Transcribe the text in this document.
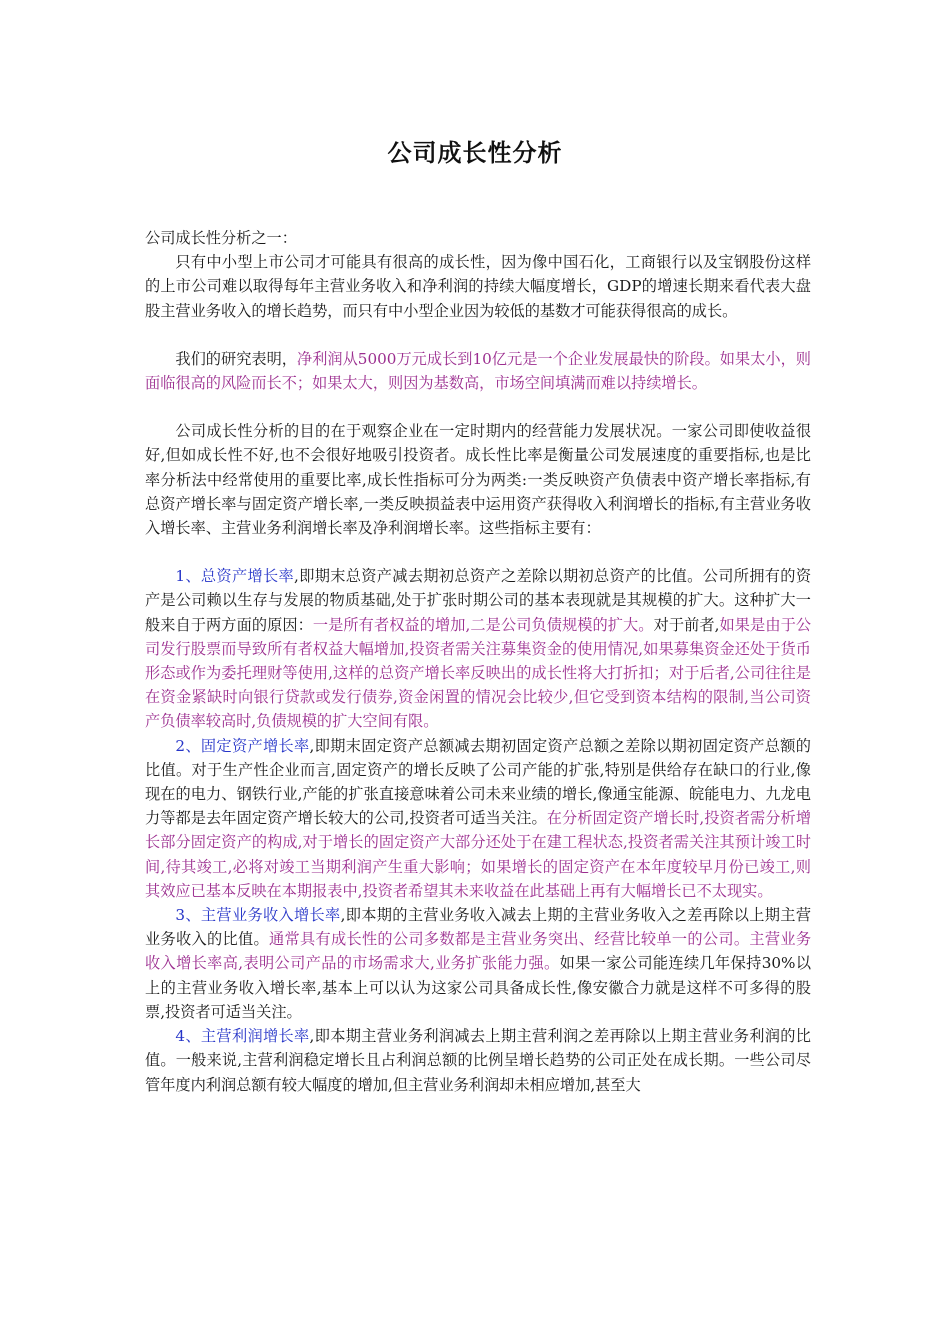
公司成长性分析

公司成长性分析之一：

只有中小型上市公司才可能具有很高的成长性，因为像中国石化，工商银行以及宝钢股份这样的上市公司难以取得每年主营业务收入和净利润的持续大幅度增长，GDP的增速长期来看代表大盘股主营业务收入的增长趋势，而只有中小型企业因为较低的基数才可能获得很高的成长。

我们的研究表明，净利润从5000万元成长到10亿元是一个企业发展最快的阶段。如果太小，则面临很高的风险而长不；如果太大，则因为基数高，市场空间填满而难以持续增长。

公司成长性分析的目的在于观察企业在一定时期内的经营能力发展状况。一家公司即使收益很好,但如成长性不好,也不会很好地吸引投资者。成长性比率是衡量公司发展速度的重要指标,也是比率分析法中经常使用的重要比率,成长性指标可分为两类:一类反映资产负债表中资产增长率指标,有总资产增长率与固定资产增长率,一类反映损益表中运用资产获得收入利润增长的指标,有主营业务收入增长率、主营业务利润增长率及净利润增长率。这些指标主要有：

1、总资产增长率,即期末总资产减去期初总资产之差除以期初总资产的比值。公司所拥有的资产是公司赖以生存与发展的物质基础,处于扩张时期公司的基本表现就是其规模的扩大。这种扩大一般来自于两方面的原因：一是所有者权益的增加,二是公司负债规模的扩大。对于前者,如果是由于公司发行股票而导致所有者权益大幅增加,投资者需关注募集资金的使用情况,如果募集资金还处于货币形态或作为委托理财等使用,这样的总资产增长率反映出的成长性将大打折扣；对于后者,公司往往是在资金紧缺时向银行贷款或发行债券,资金闲置的情况会比较少,但它受到资本结构的限制,当公司资产负债率较高时,负债规模的扩大空间有限。

2、固定资产增长率,即期末固定资产总额减去期初固定资产总额之差除以期初固定资产总额的比值。对于生产性企业而言,固定资产的增长反映了公司产能的扩张,特别是供给存在缺口的行业,像现在的电力、钢铁行业,产能的扩张直接意味着公司未来业绩的增长,像通宝能源、皖能电力、九龙电力等都是去年固定资产增长较大的公司,投资者可适当关注。在分析固定资产增长时,投资者需分析增长部分固定资产的构成,对于增长的固定资产大部分还处于在建工程状态,投资者需关注其预计竣工时间,待其竣工,必将对竣工当期利润产生重大影响；如果增长的固定资产在本年度较早月份已竣工,则其效应已基本反映在本期报表中,投资者希望其未来收益在此基础上再有大幅增长已不太现实。

3、主营业务收入增长率,即本期的主营业务收入减去上期的主营业务收入之差再除以上期主营业务收入的比值。通常具有成长性的公司多数都是主营业务突出、经营比较单一的公司。主营业务收入增长率高,表明公司产品的市场需求大,业务扩张能力强。如果一家公司能连续几年保持30%以上的主营业务收入增长率,基本上可以认为这家公司具备成长性,像安徽合力就是这样不可多得的股票,投资者可适当关注。

4、主营利润增长率,即本期主营业务利润减去上期主营利润之差再除以上期主营业务利润的比值。一般来说,主营利润稳定增长且占利润总额的比例呈增长趋势的公司正处在成长期。一些公司尽管年度内利润总额有较大幅度的增加,但主营业务利润却未相应增加,甚至大
